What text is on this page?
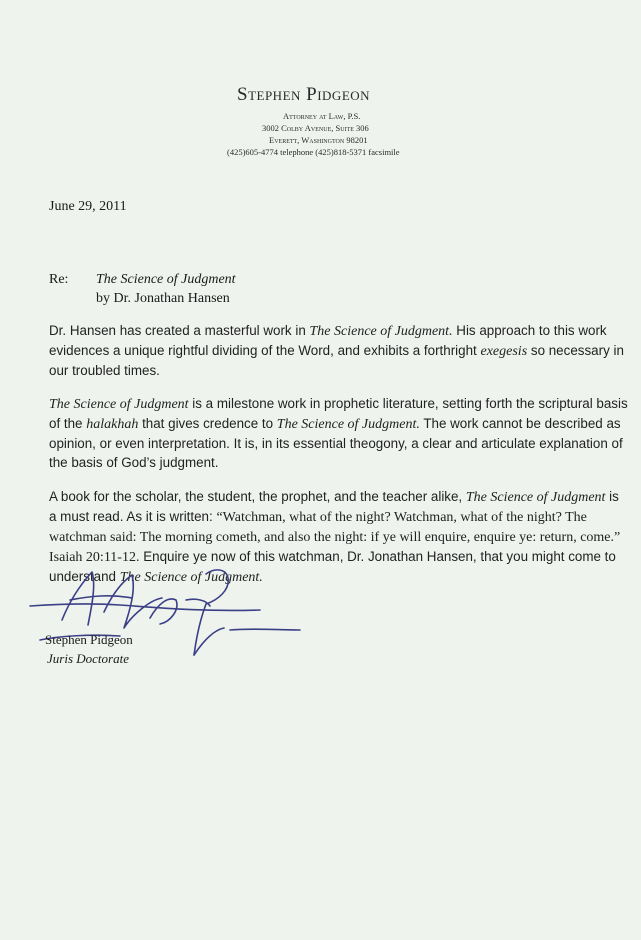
Stephen Pidgeon
Attorney at Law, P.S.
3002 Colby Avenue, Suite 306
Everett, Washington 98201
(425)605-4774 telephone (425)818-5371 facsimile
June 29, 2011
Re: The Science of Judgment
by Dr. Jonathan Hansen
Dr. Hansen has created a masterful work in The Science of Judgment. His approach to this work evidences a unique rightful dividing of the Word, and exhibits a forthright exegesis so necessary in our troubled times.
The Science of Judgment is a milestone work in prophetic literature, setting forth the scriptural basis of the halakhah that gives credence to The Science of Judgment. The work cannot be described as opinion, or even interpretation. It is, in its essential theogony, a clear and articulate explanation of the basis of God’s judgment.
A book for the scholar, the student, the prophet, and the teacher alike, The Science of Judgment is a must read. As it is written: “Watchman, what of the night? Watchman, what of the night? The watchman said: The morning cometh, and also the night: if ye will enquire, enquire ye: return, come.” Isaiah 20:11-12. Enquire ye now of this watchman, Dr. Jonathan Hansen, that you might come to understand The Science of Judgment.
Stephen Pidgeon
Juris Doctorate
